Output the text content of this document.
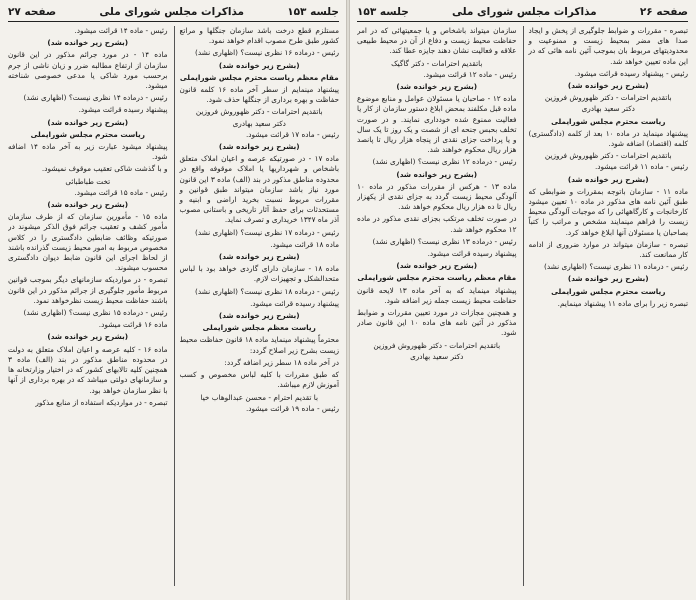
جلسه ۱۵۳
مذاکرات مجلس شورای ملی
صفحه ۲۷

مستلزم قطع درخت باشد سازمان جنگلها و مراتع کشور طبق طرح مصوب اقدام خواهد نمود.

رئیس - درماده ۱۶ نظری نیست؟ (اظهاری نشد)

(بشرح زیر خوانده شد)

مقام معظم ریاست محترم مجلس شورایملی

پیشنهاد مینمایم از سطر آخر ماده ۱۶ کلمه قانون حفاظت و بهره برداری از جنگلها حذف شود.

باتقدیم احترامات - دکتر ظهوروش فروزین

دکتر سعید بهادری

رئیس - ماده ۱۷ قرائت میشود.

(بشرح زیر خوانده شد)

ماده ۱۷ - در صورتیکه عرصه و اعیان املاک متعلق باشخاص و شهرداریها یا املاک موقوفه واقع در محدوده مناطق مذکور در بند (الف) ماده ۳ این قانون مورد نیاز باشد سازمان میتواند طبق قوانین و مقررات مربوط نسبت بخرید اراضی و ابنیه و مستحدثات برای حفظ آثار تاریخی و باستانی مصوب آذر ماه ۱۳۴۷ خریداری و تصرف نماید.

رئیس - درماده ۱۷ نظری نیست؟ (اظهاری نشد)

ماده ۱۸ قرائت میشود.

(بشرح زیر خوانده شد)

ماده ۱۸ - سازمان دارای گاردی خواهد بود با لباس متحدالشکل و تجهیزات لازم.

رئیس - درماده ۱۸ نظری نیست؟ (اظهاری نشد)

پیشنهاد رسیده قرائت میشود.

(بشرح زیر خوانده شد)

ریاست معظم مجلس شورایملی

محترماً پیشنهاد مینماید ماده ۱۸ قانون حفاظت محیط زیست بشرح زیر اصلاح گردد:

در آخر ماده ۱۸ سطر زیر اضافه گردد:

که طبق مقررات با کلیه لباس مخصوص و کسب آموزش لازم میباشد.

با تقدیم احترام - محسن عبدالوهاب خیا

رئیس - ماده ۱۹ قرائت میشود.

رئیس - ماده ۱۴ قرائت میشود.

(بشرح زیر خوانده شد)

ماده ۱۴ - در مورد جرائم مذکور در این قانون سازمان از ارتفاع مطالبه ضرر و زیان ناشی از جرم برحسب مورد شاکی یا مدعی خصوصی شناخته میشود.

رئیس - درماده ۱۴ نظری نیست؟ (اظهاری نشد)

پیشنهاد رسیده قرائت میشود.

(بشرح زیر خوانده شد)

ریاست محترم مجلس شورایملی

پیشنهاد میشود عبارت زیر به آخر ماده ۱۴ اضافه شود.

و با گذشت شاکی تعقیب موقوف نمیشود.

تخت طباطبائی

رئیس - ماده ۱۵ قرائت میشود.

(بشرح زیر خوانده شد)

ماده ۱۵ - مأمورین سازمان که از طرف سازمان مأمور کشف و تعقیب جرائم فوق الذکر میشوند در صورتیکه وظائف ضابطین دادگستری را در کلاس مخصوص مربوط به امور محیط زیست گذرانده باشند از لحاظ اجرای این قانون ضابط دیوان دادگستری محسوب میشوند.

تبصره - در مواردیکه سازمانهای دیگر بموجب قوانین مربوط مأمور جلوگیری از جرائم مذکور در این قانون باشند حفاظت محیط زیست نظرخواهد نمود.

رئیس - درماده ۱۵ نظری نیست؟ (اظهاری نشد)

ماده ۱۶ قرائت میشود.

(بشرح زیر خوانده شد)

ماده ۱۶ - کلیه عرصه و اعیان املاک متعلق به دولت در محدوده مناطق مذکور در بند (الف) ماده ۳ همچنین کلیه تالابهای کشور که در اختیار وزارتخانه ها و سازمانهای دولتی میباشد که در بهره برداری از آنها با نظر سازمان خواهد بود.

تبصره - در مواردیکه استفاده از منابع مذکور

صفحه ۲۶
مذاکرات مجلس شورای ملی
جلسه ۱۵۳

تبصره - مقررات و ضوابط جلوگیری از پخش و ایجاد صدا های مضر بمحیط زیست و ممنوعیت و محدودیتهای مربوط بان بموجب آئین نامه هائی که در این ماده تعیین خواهد شد.

رئیس - پیشنهاد رسیده قرائت میشود.

(بشرح زیر خوانده شد)

باتقدیم احترامات - دکتر ظهوروش فروزین

دکتر سعید بهادری

ریاست محترم مجلس شورایملی

پیشنهاد مینماید در ماده ۱۰ بعد از کلمه (دادگستری) کلمه (اقتصاد) اضافه شود.

باتقدیم احترامات - دکتر ظهوروش فروزین

رئیس - ماده ۱۱ قرائت میشود.

(بشرح زیر خوانده شد)

ماده ۱۱ - سازمان باتوجه بمقررات و ضوابطی که طبق آئین نامه های مذکور در ماده ۱۰ تعیین میشود کارخانجات و کارگاههائی را که موجبات آلودگی محیط زیست را فراهم مینمایند مشخص و مراتب را کتباً بصاحبان یا مسئولان آنها ابلاغ خواهد کرد.

تبصره - سازمان میتواند در موارد ضروری از ادامه کار ممانعت کند.

رئیس - درماده ۱۱ نظری نیست؟ (اظهاری نشد)

(بشرح زیر خوانده شد)

ریاست محترم مجلس شورایملی

تبصره زیر را برای ماده ۱۱ پیشنهاد مینمایم.

سازمان میتواند باشخاص و یا جمعیتهائی که در امر حفاظت محیط زیست و دفاع از آن در محیط طبیعی علاقه و فعالیت نشان دهند جایزه عطا کند.

باتقدیم احترامات - دکتر گاگیک

رئیس - ماده ۱۲ قرائت میشود.

(بشرح زیر خوانده شد)

ماده ۱۲ - صاحبان یا مسئولان عوامل و منابع موضوع ماده قبل مکلفند بمحض ابلاغ دستور سازمان از کار یا فعالیت ممنوع شده خودداری نمایند. و در صورت تخلف بحبس جنحه ای از شصت و یک روز تا یک سال و یا پرداخت جزای نقدی از پنجاه هزار ریال تا پانصد هزار ریال محکوم خواهند شد.

رئیس - درماده ۱۲ نظری نیست؟ (اظهاری نشد)

(بشرح زیر خوانده شد)

ماده ۱۳ - هرکس از مقررات مذکور در ماده ۱۰ آلودگی محیط زیست گردد به جزای نقدی از یکهزار ریال تا ده هزار ریال محکوم خواهد شد.

در صورت تخلف مرتکب بجزای نقدی مذکور در ماده ۱۲ محکوم خواهد شد.

رئیس - درماده ۱۳ نظری نیست؟ (اظهاری نشد)

پیشنهاد رسیده قرائت میشود.

(بشرح زیر خوانده شد)

مقام معظم ریاست محترم مجلس شورایملی

پیشنهاد مینماید که به آخر ماده ۱۳ لایحه قانون حفاظت محیط زیست جمله زیر اضافه شود.

و همچنین مجازات در مورد تعیین مقررات و ضوابط مذکور در آئین نامه های ماده ۱۰ این قانون صادر شود.

باتقدیم احترامات - دکتر ظهوروش فروزین

دکتر سعید بهادری
